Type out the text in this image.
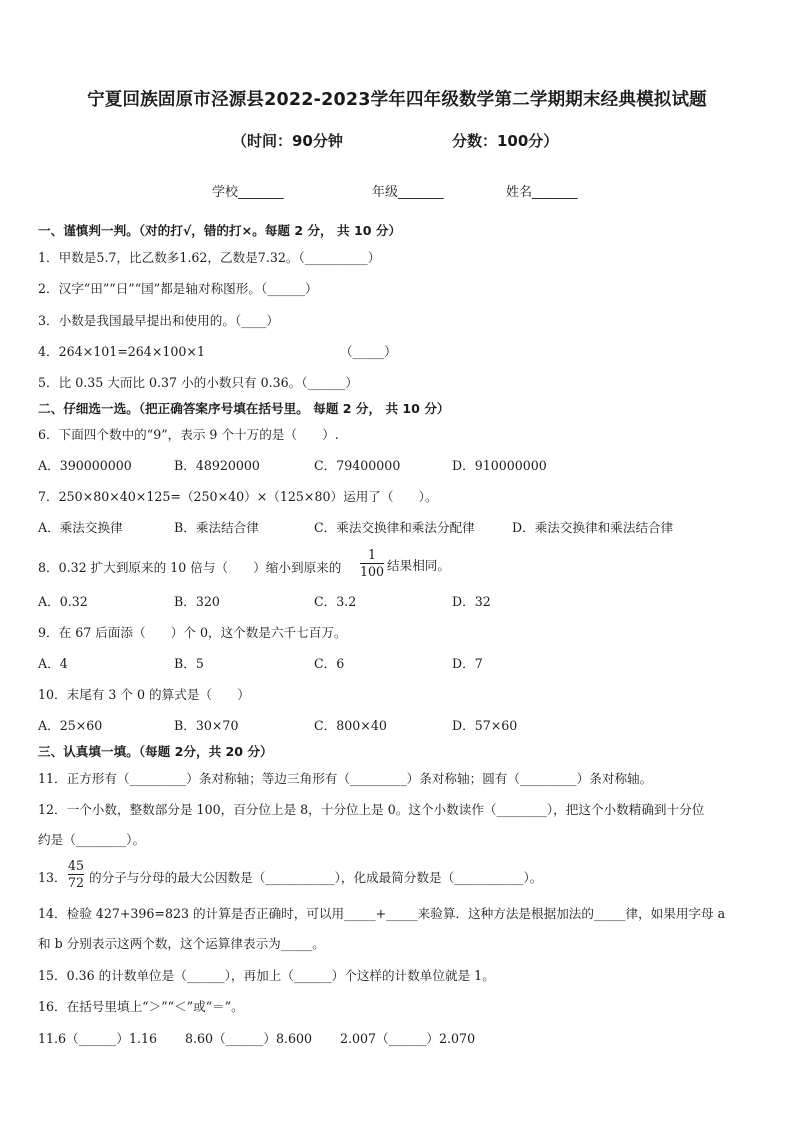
宁夏回族固原市泾源县2022-2023学年四年级数学第二学期期末经典模拟试题
（时间：90分钟	分数：100分）
学校_______	年级_______	姓名_______
一、谨慎判一判。（对的打√，错的打×。每题 2 分， 共 10 分）
1．甲数是5.7，比乙数多1.62，乙数是7.32。（__________）
2．汉字“田”“日”“国”都是轴对称图形。（______）
3．小数是我国最早提出和使用的。（____）
4．264×101=264×100×1	（_____）
5．比 0.35 大而比 0.37 小的小数只有 0.36。（______）
二、仔细选一选。（把正确答案序号填在括号里。 每题 2 分， 共 10 分）
6．下面四个数中的“9”，表示 9 个十万的是（　　）.
A．390000000	B．48920000	C．79400000	D．910000000
7．250×80×40×125=（250×40）×（125×80）运用了（　　）。
A．乘法交换律	B．乘法结合律	C．乘法交换律和乘法分配律	D．乘法交换律和乘法结合律
8．0.32 扩大到原来的 10 倍与（　　）缩小到原来的
1
100 结果相同。
A．0.32	B．320	C．3.2	D．32
9．在 67 后面添（　　）个 0，这个数是六千七百万。
A．4	B．5	C．6	D．7
10．末尾有 3 个 0 的算式是（　　）
A．25×60	B．30×70	C．800×40	D．57×60
三、认真填一填。（每题 2分，共 20 分）
11．正方形有（_________）条对称轴；等边三角形有（_________）条对称轴；圆有（_________）条对称轴。
12．一个小数，整数部分是 100，百分位上是 8，十分位上是 0。这个小数读作（________），把这个小数精确到十分位
约是（________）。
13．
45
72 的分子与分母的最大公因数是（___________），化成最简分数是（___________）。
14．检验 427+396=823 的计算是否正确时，可以用_____+_____来验算．这种方法是根据加法的_____律，如果用字母 a
和 b 分别表示这两个数，这个运算律表示为_____。
15．0.36 的计数单位是（______），再加上（______）个这样的计数单位就是 1。
16．在括号里填上“＞”“＜”或“＝”。
11.6（______）1.16 8.60（______）8.600 2.007（______）2.070
